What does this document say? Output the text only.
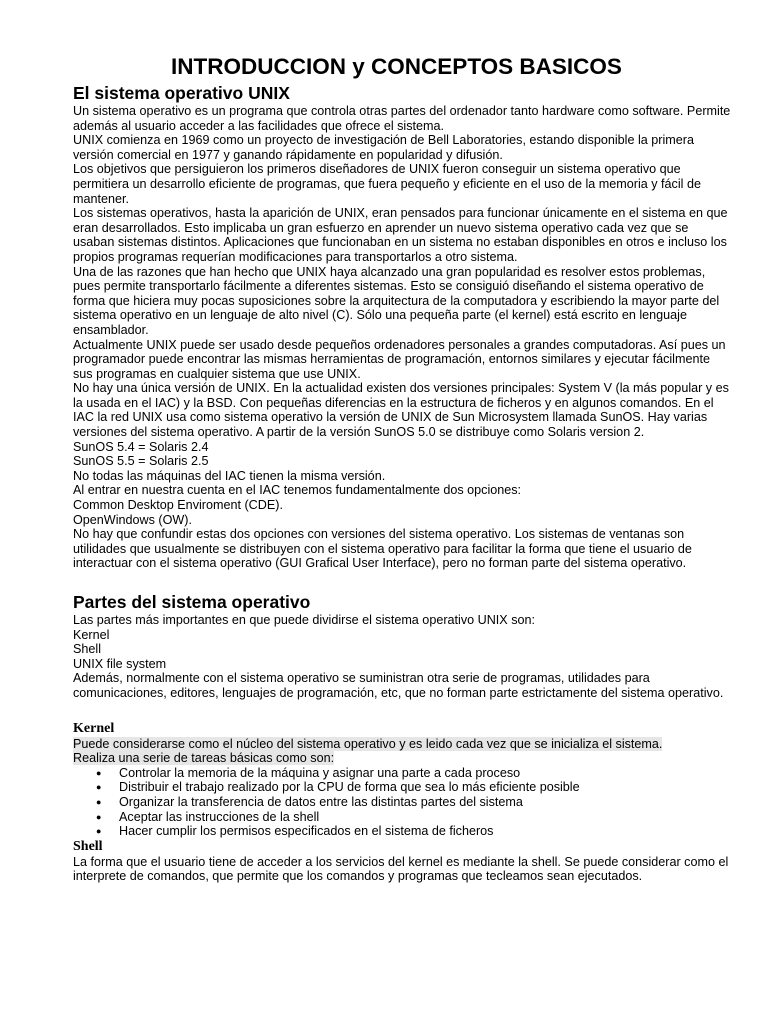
INTRODUCCION y CONCEPTOS BASICOS
El sistema operativo UNIX

Un sistema operativo es un programa que controla otras partes del ordenador tanto hardware como software. Permite además al usuario acceder a las facilidades que ofrece el sistema.

UNIX comienza en 1969 como un proyecto de investigación de Bell Laboratories, estando disponible la primera versión comercial en 1977 y ganando rápidamente en popularidad y difusión.

Los objetivos que persiguieron los primeros diseñadores de UNIX fueron conseguir un sistema operativo que permitiera un desarrollo eficiente de programas, que fuera pequeño y eficiente en el uso de la memoria y fácil de mantener.

Los sistemas operativos, hasta la aparición de UNIX, eran pensados para funcionar únicamente en el sistema en que eran desarrollados. Esto implicaba un gran esfuerzo en aprender un nuevo sistema operativo cada vez que se usaban sistemas distintos. Aplicaciones que funcionaban en un sistema no estaban disponibles en otros e incluso los propios programas requerían modificaciones para transportarlos a otro sistema.

Una de las razones que han hecho que UNIX haya alcanzado una gran popularidad es resolver estos problemas, pues permite transportarlo fácilmente a diferentes sistemas. Esto se consiguió diseñando el sistema operativo de forma que hiciera muy pocas suposiciones sobre la arquitectura de la computadora y escribiendo la mayor parte del sistema operativo en un lenguaje de alto nivel (C). Sólo una pequeña parte (el kernel) está escrito en lenguaje ensamblador.

Actualmente UNIX puede ser usado desde pequeños ordenadores personales a grandes computadoras. Así pues un programador puede encontrar las mismas herramientas de programación, entornos similares y ejecutar fácilmente sus programas en cualquier sistema que use UNIX.

No hay una única versión de UNIX. En la actualidad existen dos versiones principales: System V (la más popular y es la usada en el IAC) y la BSD. Con pequeñas diferencias en la estructura de ficheros y en algunos comandos. En el IAC la red UNIX usa como sistema operativo la versión de UNIX de Sun Microsystem llamada SunOS. Hay varias versiones del sistema operativo. A partir de la versión SunOS 5.0 se distribuye como Solaris version 2.

SunOS 5.4 = Solaris 2.4

SunOS 5.5 = Solaris 2.5

No todas las máquinas del IAC tienen la misma versión.

Al entrar en nuestra cuenta en el IAC tenemos fundamentalmente dos opciones:

Common Desktop Enviroment (CDE).

OpenWindows (OW).

No hay que confundir estas dos opciones con versiones del sistema operativo. Los sistemas de ventanas son utilidades que usualmente se distribuyen con el sistema operativo para facilitar la forma que tiene el usuario de interactuar con el sistema operativo (GUI Grafical User Interface), pero no forman parte del sistema operativo.

Partes del sistema operativo

Las partes más importantes en que puede dividirse el sistema operativo UNIX son:

Kernel

Shell

UNIX file system

Además, normalmente con el sistema operativo se suministran otra serie de programas, utilidades para comunicaciones, editores, lenguajes de programación, etc, que no forman parte estrictamente del sistema operativo.

Kernel

Puede considerarse como el núcleo del sistema operativo y es leido cada vez que se inicializa el sistema.

Realiza una serie de tareas básicas como son:

● Controlar la memoria de la máquina y asignar una parte a cada proceso
● Distribuir el trabajo realizado por la CPU de forma que sea lo más eficiente posible
● Organizar la transferencia de datos entre las distintas partes del sistema
● Aceptar las instrucciones de la shell
● Hacer cumplir los permisos especificados en el sistema de ficheros
Shell

La forma que el usuario tiene de acceder a los servicios del kernel es mediante la shell. Se puede considerar como el interprete de comandos, que permite que los comandos y programas que tecleamos sean ejecutados.
